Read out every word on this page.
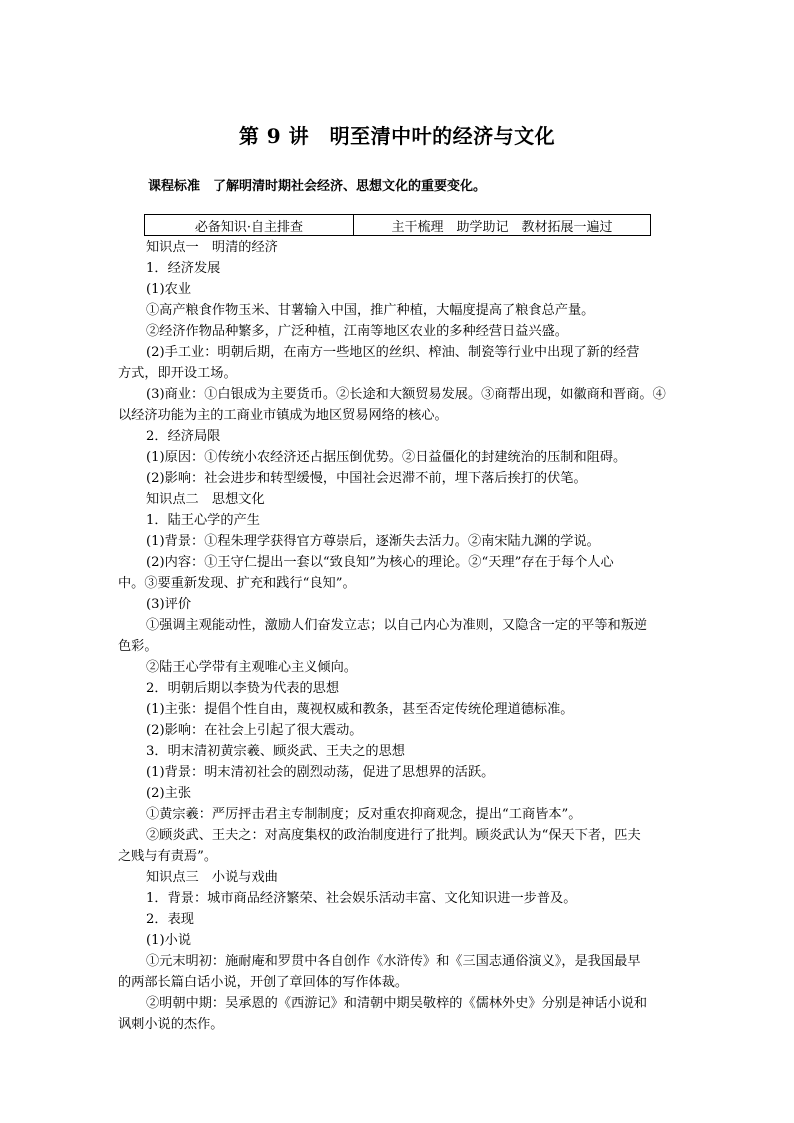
第 9 讲　明至清中叶的经济与文化
课程标准　 了解明清时期社会经济、思想文化的重要变化。
必备知识·自主排查	主干梳理　助学助记　教材拓展一遍过
知识点一　明清的经济
1．经济发展
(1)农业
①高产粮食作物玉米、甘薯输入中国，推广种植，大幅度提高了粮食总产量。
②经济作物品种繁多，广泛种植，江南等地区农业的多种经营日益兴盛。
(2)手工业：明朝后期，在南方一些地区的丝织、榨油、制瓷等行业中出现了新的经营
方式，即开设工场。
(3)商业：①白银成为主要货币。②长途和大额贸易发展。③商帮出现，如徽商和晋商。④
以经济功能为主的工商业市镇成为地区贸易网络的核心。
2．经济局限
(1)原因：①传统小农经济还占据压倒优势。②日益僵化的封建统治的压制和阻碍。
(2)影响：社会进步和转型缓慢，中国社会迟滞不前，埋下落后挨打的伏笔。
知识点二　思想文化
1．陆王心学的产生
(1)背景：①程朱理学获得官方尊崇后，逐渐失去活力。②南宋陆九渊的学说。
(2)内容：①王守仁提出一套以“致良知”为核心的理论。②“天理”存在于每个人心
中。③要重新发现、扩充和践行“良知”。
(3)评价
①强调主观能动性，激励人们奋发立志；以自己内心为准则，又隐含一定的平等和叛逆
色彩。
②陆王心学带有主观唯心主义倾向。
2．明朝后期以李贽为代表的思想
(1)主张：提倡个性自由，蔑视权威和教条，甚至否定传统伦理道德标准。
(2)影响：在社会上引起了很大震动。
3．明末清初黄宗羲、顾炎武、王夫之的思想
(1)背景：明末清初社会的剧烈动荡，促进了思想界的活跃。
(2)主张
①黄宗羲：严厉抨击君主专制制度；反对重农抑商观念，提出“工商皆本”。
②顾炎武、王夫之：对高度集权的政治制度进行了批判。顾炎武认为“保天下者，匹夫
之贱与有责焉”。
知识点三　小说与戏曲
1．背景：城市商品经济繁荣、社会娱乐活动丰富、文化知识进一步普及。
2．表现
(1)小说
①元末明初：施耐庵和罗贯中各自创作《水浒传》和《三国志通俗演义》，是我国最早
的两部长篇白话小说，开创了章回体的写作体裁。
②明朝中期：吴承恩的《西游记》和清朝中期吴敬梓的《儒林外史》分别是神话小说和
讽刺小说的杰作。
